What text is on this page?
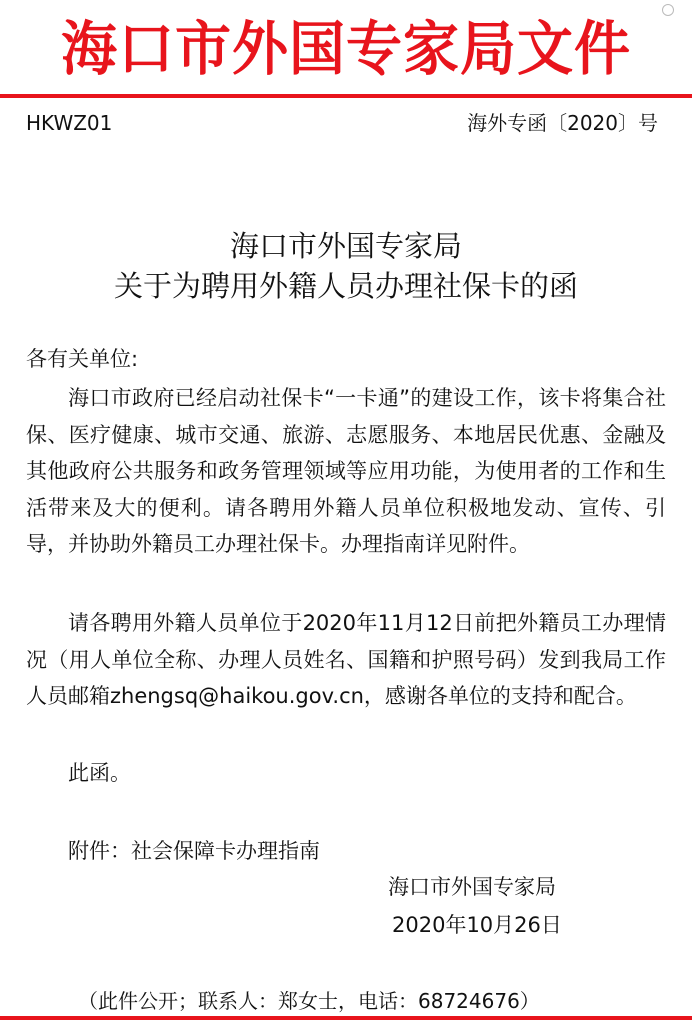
海口市外国专家局文件
HKWZ01	海外专函〔2020〕号
海口市外国专家局
关于为聘用外籍人员办理社保卡的函
各有关单位:
海口市政府已经启动社保卡“一卡通”的建设工作，该卡将集合社保、医疗健康、城市交通、旅游、志愿服务、本地居民优惠、金融及其他政府公共服务和政务管理领域等应用功能，为使用者的工作和生活带来及大的便利。请各聘用外籍人员单位积极地发动、宣传、引导，并协助外籍员工办理社保卡。办理指南详见附件。
请各聘用外籍人员单位于2020年11月12日前把外籍员工办理情况（用人单位全称、办理人员姓名、国籍和护照号码）发到我局工作人员邮箱zhengsq@haikou.gov.cn，感谢各单位的支持和配合。
此函。
附件：社会保障卡办理指南
海口市外国专家局
2020年10月26日
（此件公开；联系人：郑女士，电话：68724676）
